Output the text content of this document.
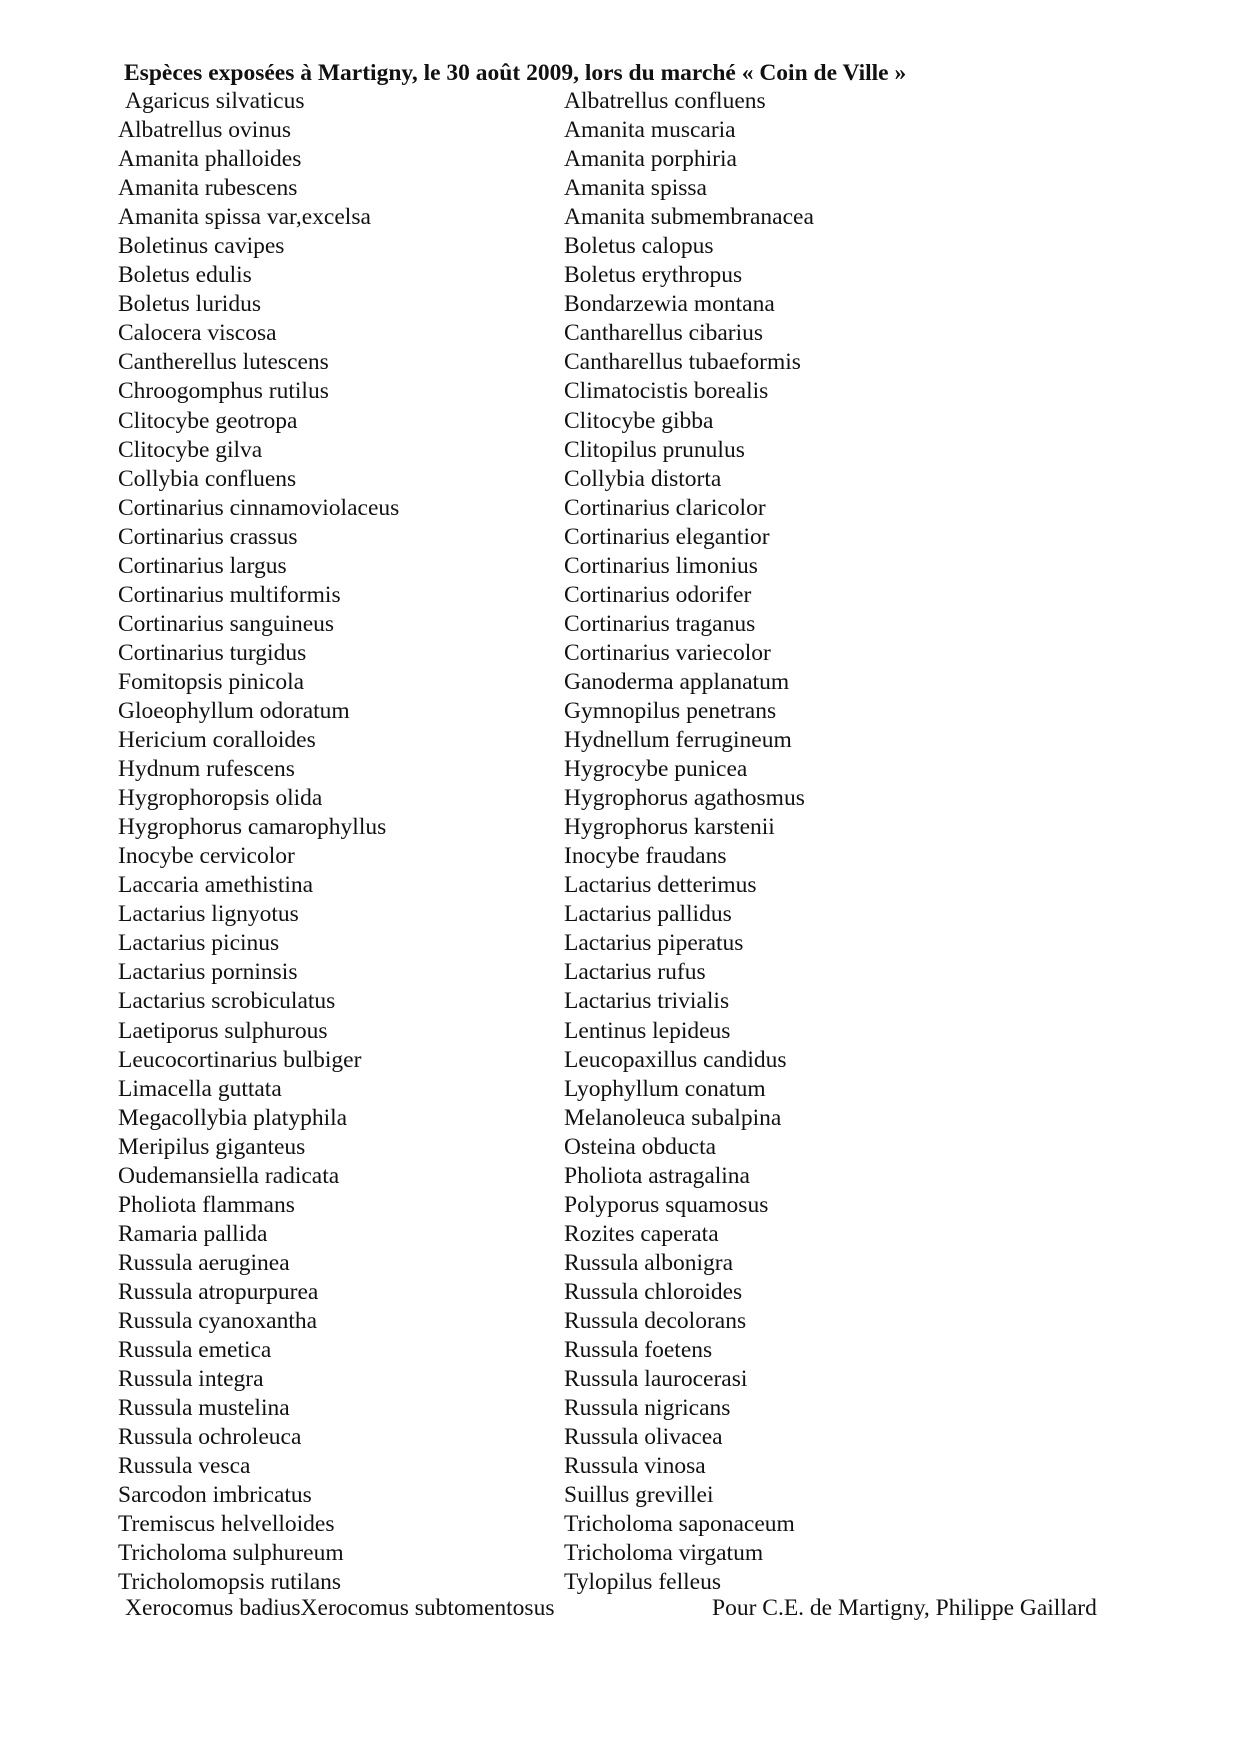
Espèces exposées à Martigny, le 30 août 2009, lors du marché « Coin de Ville »
Agaricus silvaticus
Albatrellus ovinus
Amanita phalloides
Amanita rubescens
Amanita spissa var,excelsa
Boletinus cavipes
Boletus edulis
Boletus luridus
Calocera viscosa
Cantherellus lutescens
Chroogomphus rutilus
Clitocybe geotropa
Clitocybe gilva
Collybia confluens
Cortinarius cinnamoviolaceus
Cortinarius crassus
Cortinarius largus
Cortinarius multiformis
Cortinarius sanguineus
Cortinarius turgidus
Fomitopsis pinicola
Gloeophyllum odoratum
Hericium coralloides
Hydnum rufescens
Hygrophoropsis olida
Hygrophorus camarophyllus
Inocybe cervicolor
Laccaria amethistina
Lactarius lignyotus
Lactarius picinus
Lactarius porninsis
Lactarius scrobiculatus
Laetiporus sulphurous
Leucocortinarius bulbiger
Limacella guttata
Megacollybia platyphila
Meripilus giganteus
Oudemansiella radicata
Pholiota flammans
Ramaria pallida
Russula aeruginea
Russula atropurpurea
Russula cyanoxantha
Russula emetica
Russula integra
Russula mustelina
Russula ochroleuca
Russula vesca
Sarcodon imbricatus
Tremiscus helvelloides
Tricholoma sulphureum
Tricholomopsis rutilans
Albatrellus confluens
Amanita muscaria
Amanita porphiria
Amanita spissa
Amanita submembranacea
Boletus calopus
Boletus erythropus
Bondarzewia montana
Cantharellus cibarius
Cantharellus tubaeformis
Climatocistis borealis
Clitocybe gibba
Clitopilus prunulus
Collybia distorta
Cortinarius claricolor
Cortinarius elegantior
Cortinarius limonius
Cortinarius odorifer
Cortinarius traganus
Cortinarius variecolor
Ganoderma applanatum
Gymnopilus penetrans
Hydnellum ferrugineum
Hygrocybe punicea
Hygrophorus agathosmus
Hygrophorus karstenii
Inocybe fraudans
Lactarius detterimus
Lactarius pallidus
Lactarius piperatus
Lactarius rufus
Lactarius trivialis
Lentinus lepideus
Leucopaxillus candidus
Lyophyllum conatum
Melanoleuca subalpina
Osteina obducta
Pholiota astragalina
Polyporus squamosus
Rozites caperata
Russula albonigra
Russula chloroides
Russula decolorans
Russula foetens
Russula laurocerasi
Russula nigricans
Russula olivacea
Russula vinosa
Suillus grevillei
Tricholoma saponaceum
Tricholoma virgatum
Tylopilus felleus
Xerocomus badiusXerocomus subtomentosus	Pour C.E. de Martigny, Philippe Gaillard
